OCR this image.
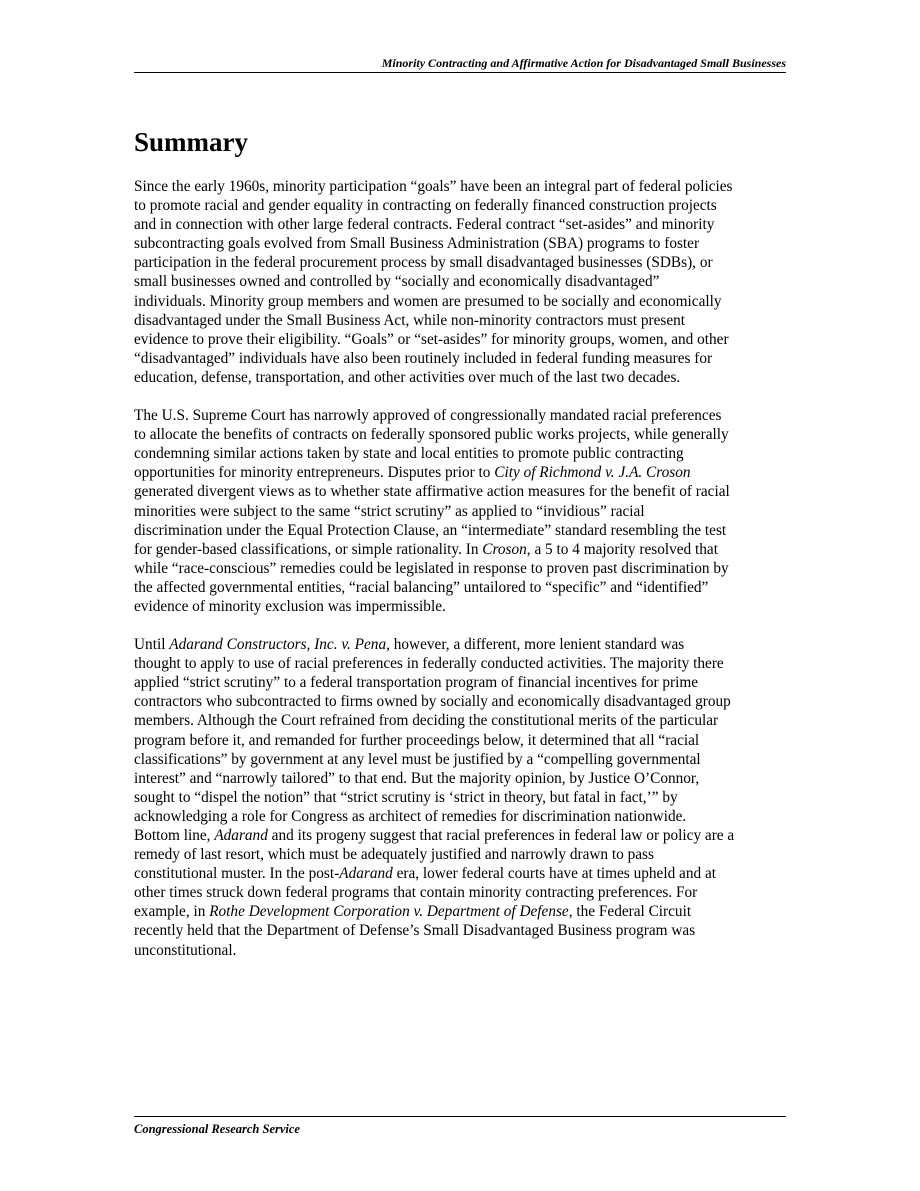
Minority Contracting and Affirmative Action for Disadvantaged Small Businesses
Summary

Since the early 1960s, minority participation “goals” have been an integral part of federal policies
to promote racial and gender equality in contracting on federally financed construction projects
and in connection with other large federal contracts. Federal contract “set-asides” and minority
subcontracting goals evolved from Small Business Administration (SBA) programs to foster
participation in the federal procurement process by small disadvantaged businesses (SDBs), or
small businesses owned and controlled by “socially and economically disadvantaged”
individuals. Minority group members and women are presumed to be socially and economically
disadvantaged under the Small Business Act, while non-minority contractors must present
evidence to prove their eligibility. “Goals” or “set-asides” for minority groups, women, and other
“disadvantaged” individuals have also been routinely included in federal funding measures for
education, defense, transportation, and other activities over much of the last two decades.

The U.S. Supreme Court has narrowly approved of congressionally mandated racial preferences
to allocate the benefits of contracts on federally sponsored public works projects, while generally
condemning similar actions taken by state and local entities to promote public contracting
opportunities for minority entrepreneurs. Disputes prior to City of Richmond v. J.A. Croson
generated divergent views as to whether state affirmative action measures for the benefit of racial
minorities were subject to the same “strict scrutiny” as applied to “invidious” racial
discrimination under the Equal Protection Clause, an “intermediate” standard resembling the test
for gender-based classifications, or simple rationality. In Croson, a 5 to 4 majority resolved that
while “race-conscious” remedies could be legislated in response to proven past discrimination by
the affected governmental entities, “racial balancing” untailored to “specific” and “identified”
evidence of minority exclusion was impermissible.

Until Adarand Constructors, Inc. v. Pena, however, a different, more lenient standard was
thought to apply to use of racial preferences in federally conducted activities. The majority there
applied “strict scrutiny” to a federal transportation program of financial incentives for prime
contractors who subcontracted to firms owned by socially and economically disadvantaged group
members. Although the Court refrained from deciding the constitutional merits of the particular
program before it, and remanded for further proceedings below, it determined that all “racial
classifications” by government at any level must be justified by a “compelling governmental
interest” and “narrowly tailored” to that end. But the majority opinion, by Justice O’Connor,
sought to “dispel the notion” that “strict scrutiny is ‘strict in theory, but fatal in fact,’” by
acknowledging a role for Congress as architect of remedies for discrimination nationwide.
Bottom line, Adarand and its progeny suggest that racial preferences in federal law or policy are a
remedy of last resort, which must be adequately justified and narrowly drawn to pass
constitutional muster. In the post-Adarand era, lower federal courts have at times upheld and at
other times struck down federal programs that contain minority contracting preferences. For
example, in Rothe Development Corporation v. Department of Defense, the Federal Circuit
recently held that the Department of Defense’s Small Disadvantaged Business program was
unconstitutional.

Congressional Research Service
